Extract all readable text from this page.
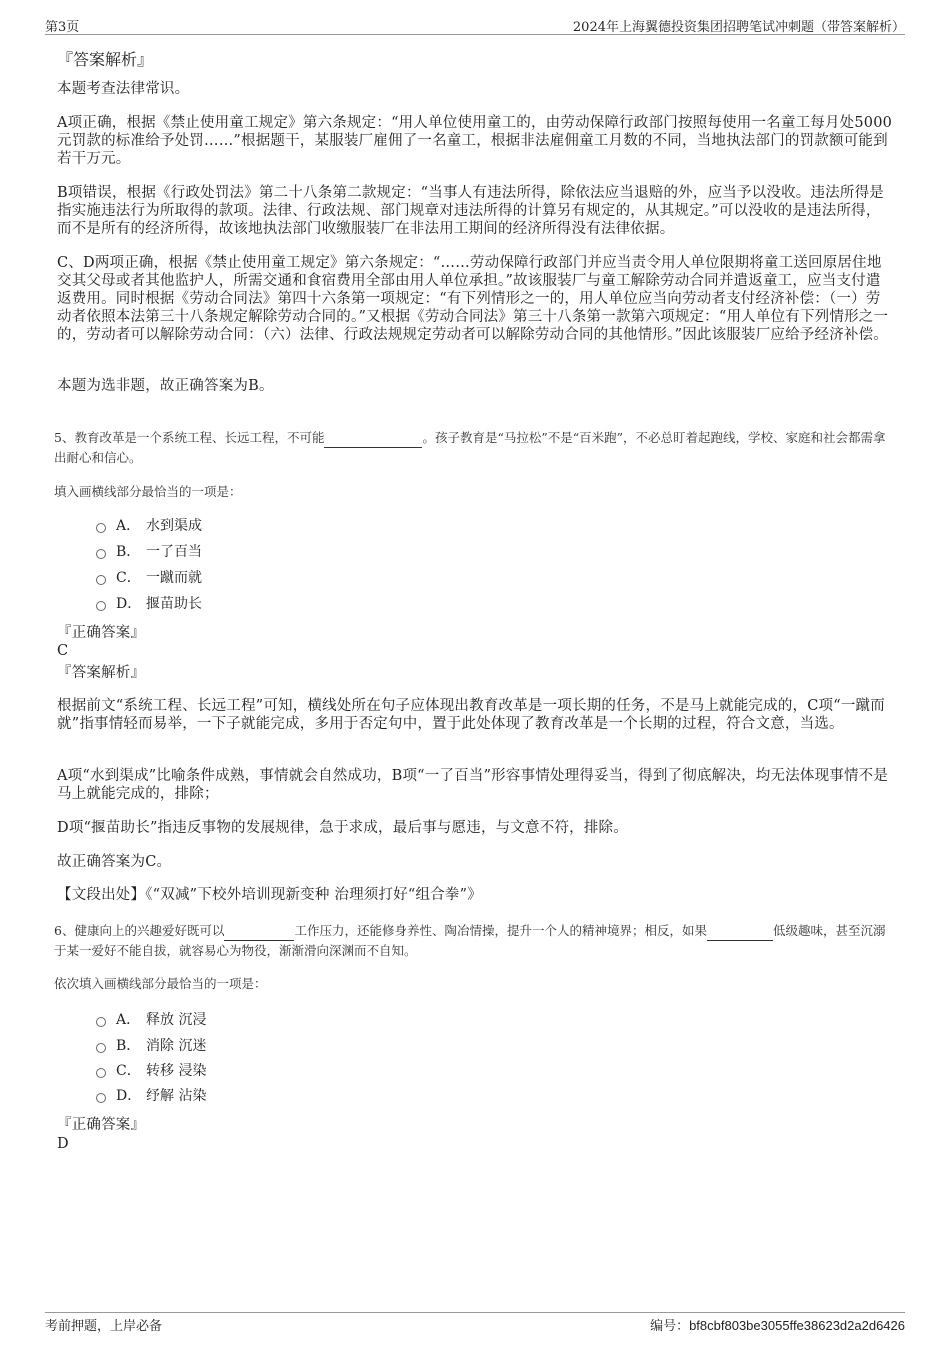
第3页	2024年上海翼德投资集团招聘笔试冲刺题（带答案解析）
『答案解析』

本题考查法律常识。

A项正确，根据《禁止使用童工规定》第六条规定：“用人单位使用童工的，由劳动保障行政部门按照每使用一名童工每月处5000元罚款的标准给予处罚……”根据题干，某服装厂雇佣了一名童工，根据非法雇佣童工月数的不同，当地执法部门的罚款额可能到若干万元。

B项错误，根据《行政处罚法》第二十八条第二款规定：“当事人有违法所得，除依法应当退赔的外，应当予以没收。违法所得是指实施违法行为所取得的款项。法律、行政法规、部门规章对违法所得的计算另有规定的，从其规定。”可以没收的是违法所得，而不是所有的经济所得，故该地执法部门收缴服装厂在非法用工期间的经济所得没有法律依据。

C、D两项正确，根据《禁止使用童工规定》第六条规定：“……劳动保障行政部门并应当责令用人单位限期将童工送回原居住地交其父母或者其他监护人，所需交通和食宿费用全部由用人单位承担。”故该服装厂与童工解除劳动合同并遣返童工，应当支付遣返费用。同时根据《劳动合同法》第四十六条第一项规定：“有下列情形之一的，用人单位应当向劳动者支付经济补偿：（一）劳动者依照本法第三十八条规定解除劳动合同的。”又根据《劳动合同法》第三十八条第一款第六项规定：“用人单位有下列情形之一的，劳动者可以解除劳动合同：（六）法律、行政法规规定劳动者可以解除劳动合同的其他情形。”因此该服装厂应给予经济补偿。

本题为选非题，故正确答案为B。

5、教育改革是一个系统工程、长远工程，不可能	。孩子教育是“马拉松”不是“百米跑”，不必总盯着起跑线，学校、家庭和社会都需拿出耐心和信心。
填入画横线部分最恰当的一项是：
A． 水到渠成
B． 一了百当
C． 一蹴而就
D． 揠苗助长
『正确答案』
C
『答案解析』

根据前文“系统工程、长远工程”可知，横线处所在句子应体现出教育改革是一项长期的任务，不是马上就能完成的，C项“一蹴而就”指事情轻而易举，一下子就能完成，多用于否定句中，置于此处体现了教育改革是一个长期的过程，符合文意，当选。

A项“水到渠成”比喻条件成熟，事情就会自然成功，B项“一了百当”形容事情处理得妥当，得到了彻底解决，均无法体现事情不是马上就能完成的，排除；

D项“揠苗助长”指违反事物的发展规律，急于求成，最后事与愿违，与文意不符，排除。

故正确答案为C。

【文段出处】《“双减”下校外培训现新变种 治理须打好“组合拳”》

6、健康向上的兴趣爱好既可以	工作压力，还能修身养性、陶冶情操，提升一个人的精神境界；相反，如果	低级趣味，甚至沉溺于某一爱好不能自拔，就容易心为物役，渐渐滑向深渊而不自知。
依次填入画横线部分最恰当的一项是：
A． 释放 沉浸
B． 消除 沉迷
C． 转移 浸染
D． 纾解 沾染
『正确答案』
D
考前押题，上岸必备	编号：bf8cbf803be3055ffe38623d2a2d6426
